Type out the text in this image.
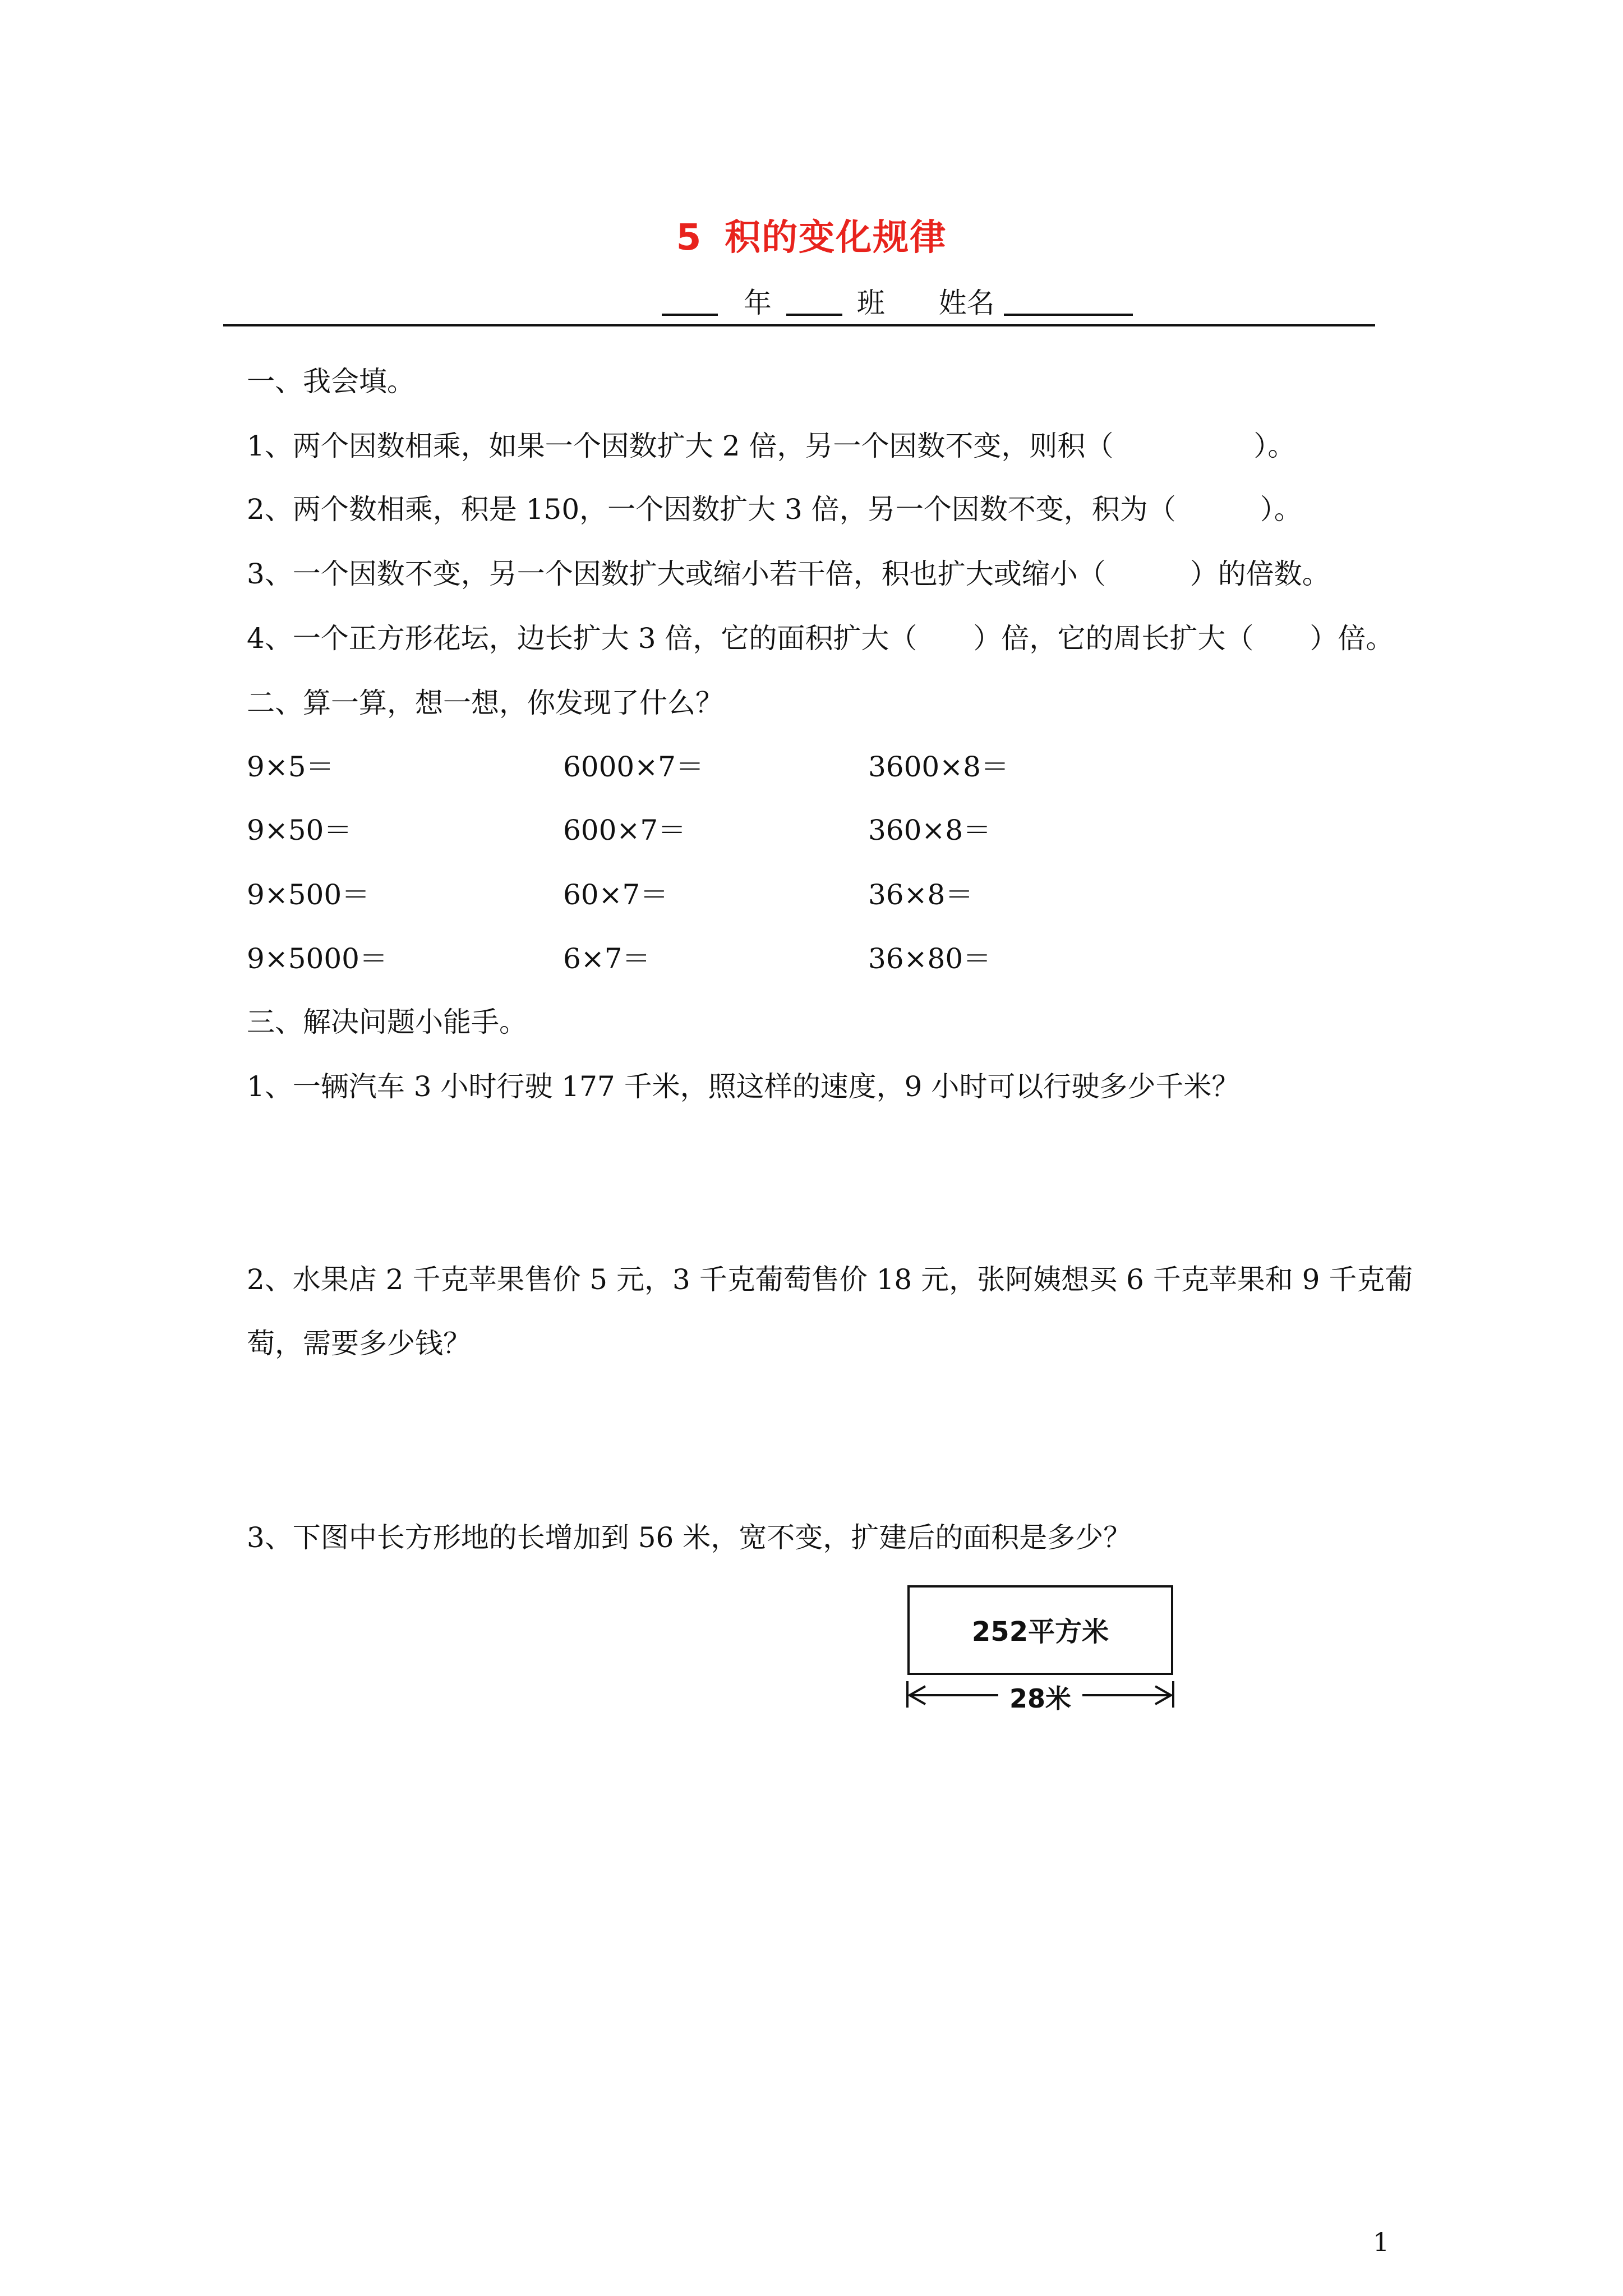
5 积的变化规律
年	班 姓名
一、我会填。
1、两个因数相乘，如果一个因数扩大 2 倍，另一个因数不变，则积（　　　　　）。
2、两个数相乘，积是 150，一个因数扩大 3 倍，另一个因数不变，积为（　　　）。
3、一个因数不变，另一个因数扩大或缩小若干倍，积也扩大或缩小（　　　）的倍数。
4、一个正方形花坛，边长扩大 3 倍，它的面积扩大（　　）倍，它的周长扩大（　　）倍。
二、算一算，想一想，你发现了什么？
9×5＝
9×50＝
9×500＝
9×5000＝
6000×7＝
600×7＝
60×7＝
6×7＝
3600×8＝
360×8＝
36×8＝
36×80＝
三、解决问题小能手。
1、一辆汽车 3 小时行驶 177 千米，照这样的速度，9 小时可以行驶多少千米？
2、水果店 2 千克苹果售价 5 元，3 千克葡萄售价 18 元，张阿姨想买 6 千克苹果和 9 千克葡
萄，需要多少钱？
3、下图中长方形地的长增加到 56 米，宽不变，扩建后的面积是多少？
252平方米
28米
1
